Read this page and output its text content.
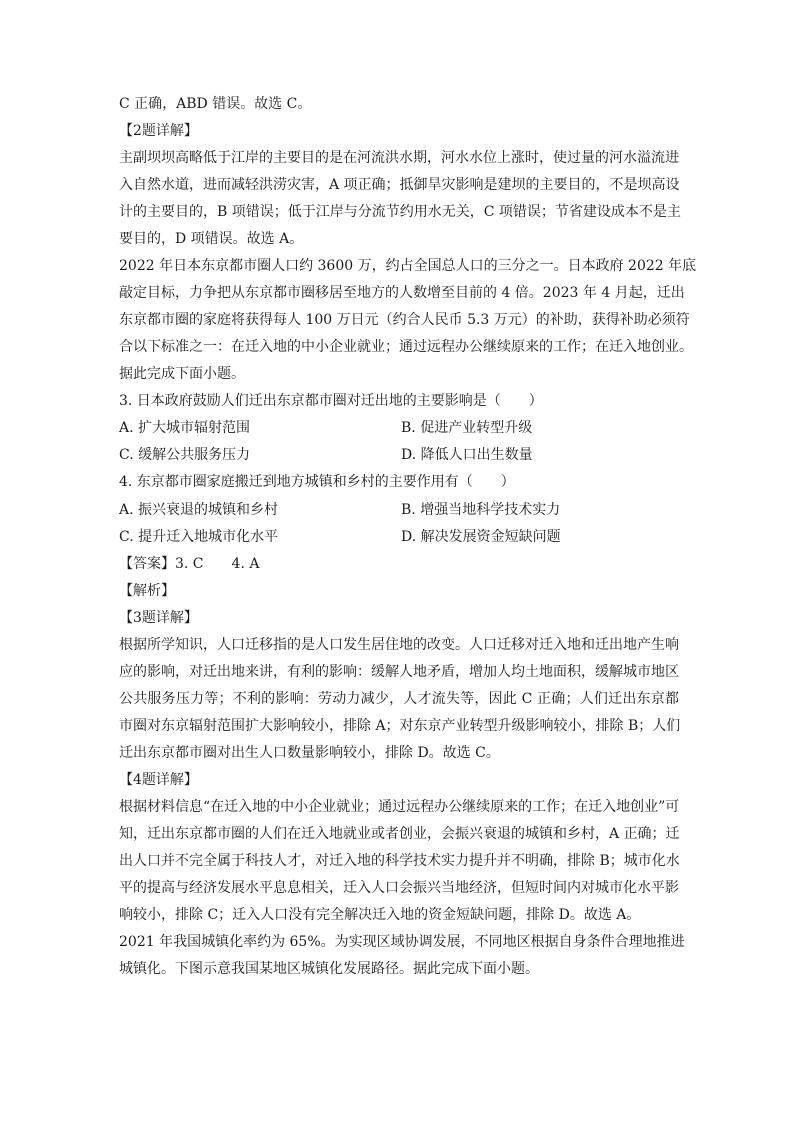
C 正确，ABD 错误。故选 C。
【2题详解】
主副坝坝高略低于江岸的主要目的是在河流洪水期，河水水位上涨时，使过量的河水溢流进
入自然水道，进而减轻洪涝灾害，A 项正确；抵御旱灾影响是建坝的主要目的，不是坝高设
计的主要目的，B 项错误；低于江岸与分流节约用水无关，C 项错误；节省建设成本不是主
要目的，D 项错误。故选 A。
2022 年日本东京都市圈人口约 3600 万，约占全国总人口的三分之一。日本政府 2022 年底
敲定目标，力争把从东京都市圈移居至地方的人数增至目前的 4 倍。2023 年 4 月起，迁出
东京都市圈的家庭将获得每人 100 万日元（约合人民币 5.3 万元）的补助，获得补助必须符
合以下标准之一：在迁入地的中小企业就业；通过远程办公继续原来的工作；在迁入地创业。
据此完成下面小题。
3. 日本政府鼓励人们迁出东京都市圈对迁出地的主要影响是（　　）
A. 扩大城市辐射范围	B. 促进产业转型升级
C. 缓解公共服务压力	D. 降低人口出生数量
4. 东京都市圈家庭搬迁到地方城镇和乡村的主要作用有（　　）
A. 振兴衰退的城镇和乡村	B. 增强当地科学技术实力
C. 提升迁入地城市化水平	D. 解决发展资金短缺问题
【答案】3. C 4. A
【解析】
【3题详解】
根据所学知识，人口迁移指的是人口发生居住地的改变。人口迁移对迁入地和迁出地产生响
应的影响，对迁出地来讲，有利的影响：缓解人地矛盾，增加人均土地面积，缓解城市地区
公共服务压力等；不利的影响：劳动力减少，人才流失等，因此 C 正确；人们迁出东京都
市圈对东京辐射范围扩大影响较小，排除 A；对东京产业转型升级影响较小，排除 B；人们
迁出东京都市圈对出生人口数量影响较小，排除 D。故选 C。
【4题详解】
根据材料信息“在迁入地的中小企业就业；通过远程办公继续原来的工作；在迁入地创业”可
知，迁出东京都市圈的人们在迁入地就业或者创业，会振兴衰退的城镇和乡村，A 正确；迁
出人口并不完全属于科技人才，对迁入地的科学技术实力提升并不明确，排除 B；城市化水
平的提高与经济发展水平息息相关，迁入人口会振兴当地经济，但短时间内对城市化水平影
响较小，排除 C；迁入人口没有完全解决迁入地的资金短缺问题，排除 D。故选 A。
2021 年我国城镇化率约为 65%。为实现区域协调发展，不同地区根据自身条件合理地推进
城镇化。下图示意我国某地区城镇化发展路径。据此完成下面小题。
